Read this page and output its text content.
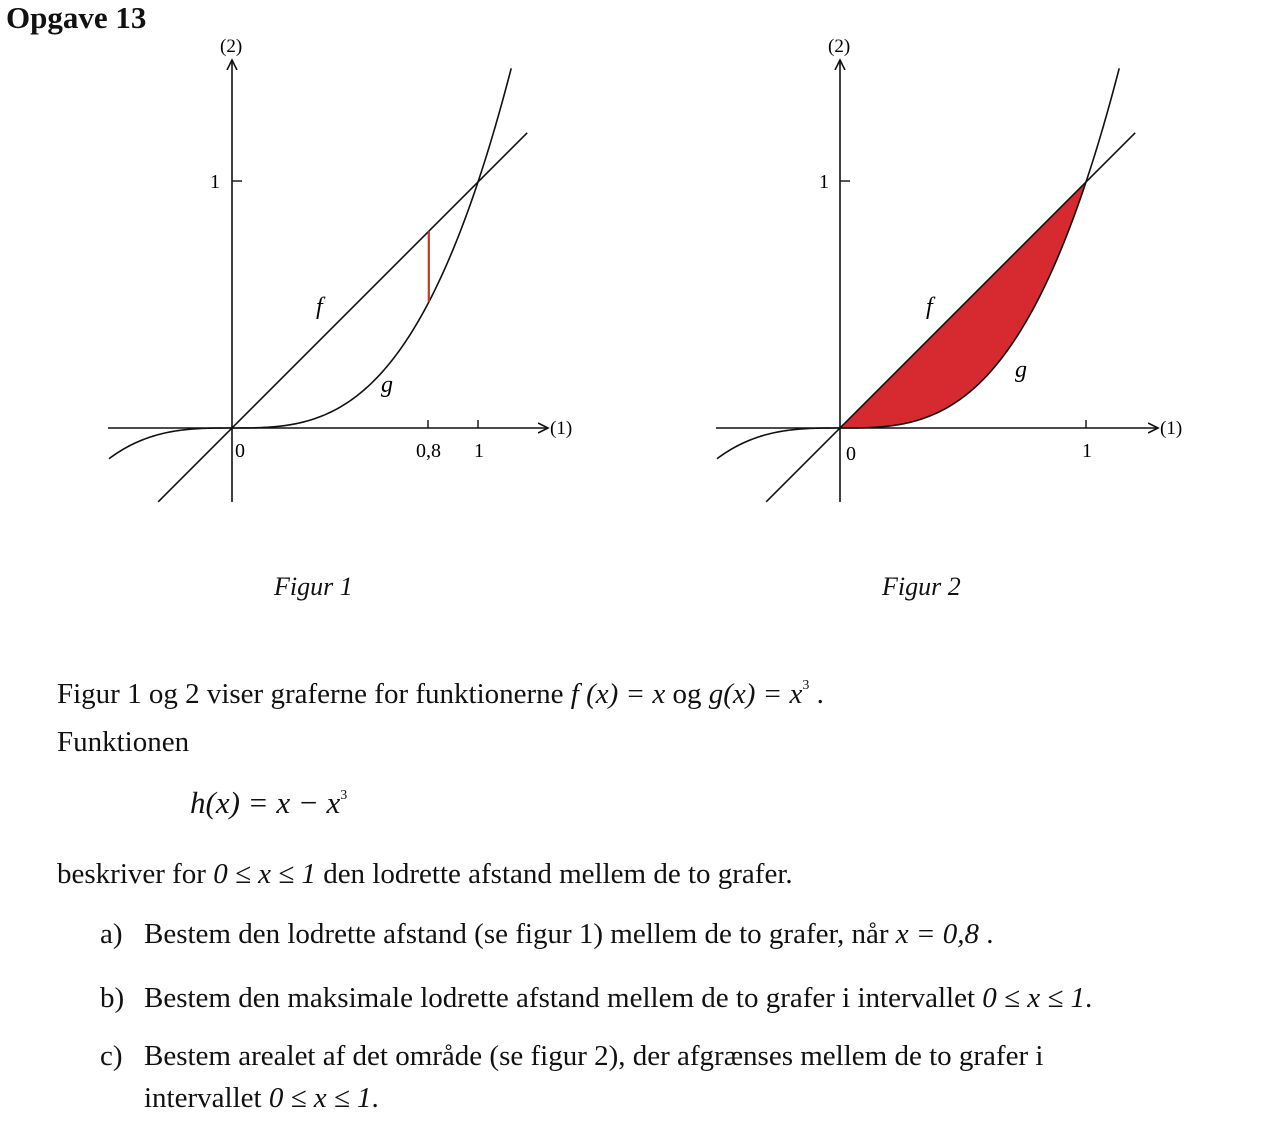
Opgave 13
(2)
(1)
1
0	0,8 1
f
g
(2)
(1)
1
0	1
f
g
Figur 1	Figur 2
Figur 1 og 2 viser graferne for funktionerne f (x) = x og $g(x) = x^3$ .
Funktionen
$h(x) = x - x^3$
beskriver for 0 ≤ x ≤ 1 den lodrette afstand mellem de to grafer.
a) Bestem den lodrette afstand (se figur 1) mellem de to grafer, når x = 0,8 .
b) Bestem den maksimale lodrette afstand mellem de to grafer i intervallet 0 ≤ x ≤ 1.
c) Bestem arealet af det område (se figur 2), der afgrænses mellem de to grafer i
intervallet 0 ≤ x ≤ 1.
